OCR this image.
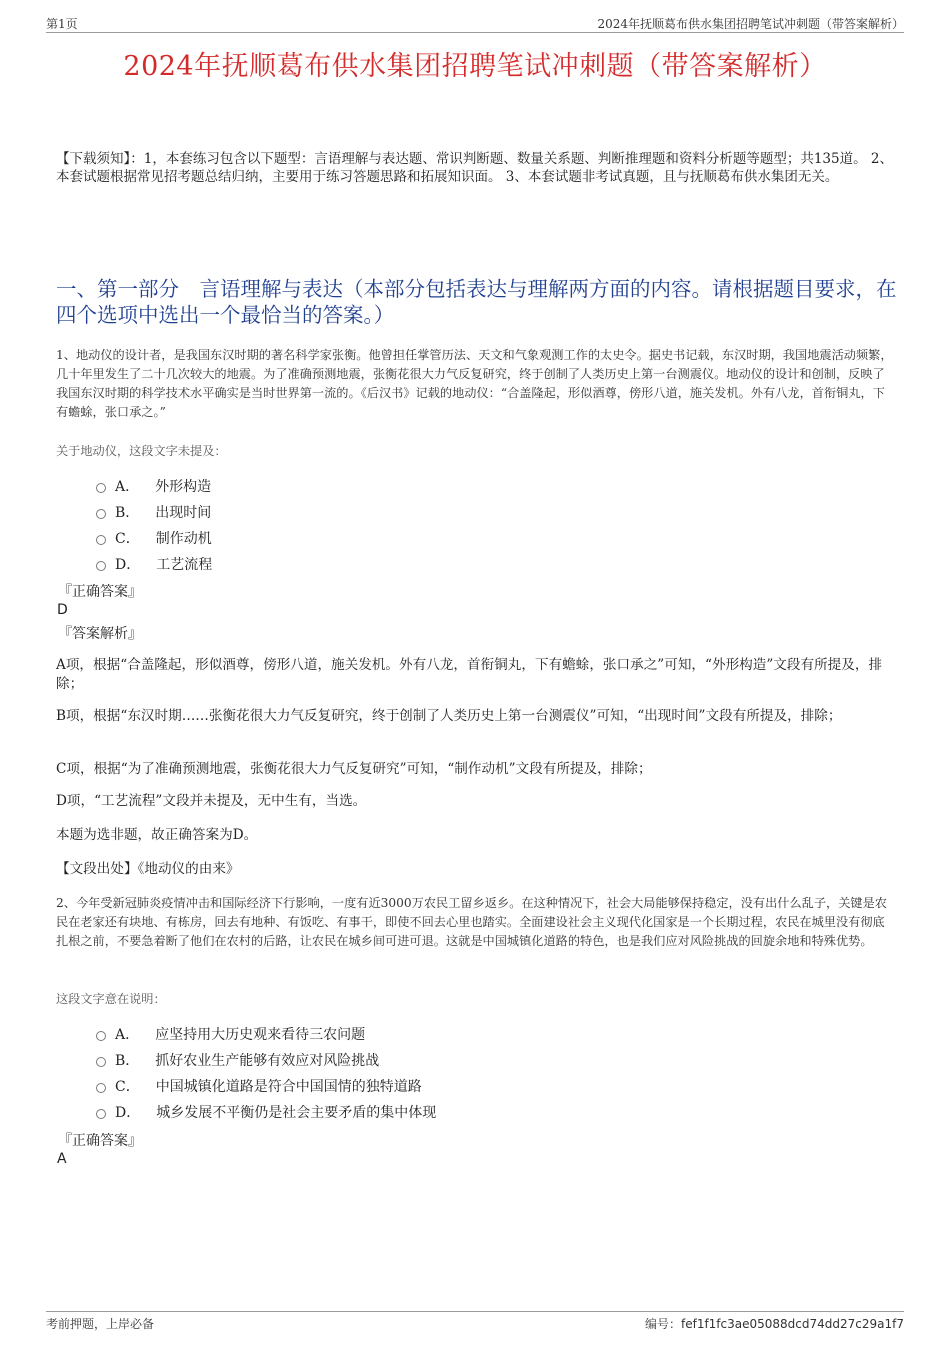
第1页	2024年抚顺葛布供水集团招聘笔试冲刺题（带答案解析）
2024年抚顺葛布供水集团招聘笔试冲刺题（带答案解析）
【下载须知】：1，本套练习包含以下题型：言语理解与表达题、常识判断题、数量关系题、判断推理题和资料分析题等题型；共135道。 2、本套试题根据常见招考题总结归纳，主要用于练习答题思路和拓展知识面。 3、本套试题非考试真题，且与抚顺葛布供水集团无关。
一、第一部分　言语理解与表达（本部分包括表达与理解两方面的内容。请根据题目要求，在四个选项中选出一个最恰当的答案。）
1、地动仪的设计者，是我国东汉时期的著名科学家张衡。他曾担任掌管历法、天文和气象观测工作的太史令。据史书记载，东汉时期，我国地震活动频繁，几十年里发生了二十几次较大的地震。为了准确预测地震，张衡花很大力气反复研究，终于创制了人类历史上第一台测震仪。地动仪的设计和创制，反映了我国东汉时期的科学技术水平确实是当时世界第一流的。《后汉书》记载的地动仪：“合盖隆起，形似酒尊，傍形八道，施关发机。外有八龙，首衔铜丸，下有蟾蜍，张口承之。”
关于地动仪，这段文字未提及：
A． 外形构造
B． 出现时间
C． 制作动机
D． 工艺流程
『正确答案』
D
『答案解析』
A项，根据“合盖隆起，形似酒尊，傍形八道，施关发机。外有八龙，首衔铜丸，下有蟾蜍，张口承之”可知，“外形构造”文段有所提及，排除；
B项，根据“东汉时期……张衡花很大力气反复研究，终于创制了人类历史上第一台测震仪”可知，“出现时间”文段有所提及，排除；
C项，根据“为了准确预测地震，张衡花很大力气反复研究”可知，“制作动机”文段有所提及，排除；
D项，“工艺流程”文段并未提及，无中生有，当选。
本题为选非题，故正确答案为D。
【文段出处】《地动仪的由来》
2、今年受新冠肺炎疫情冲击和国际经济下行影响，一度有近3000万农民工留乡返乡。在这种情况下，社会大局能够保持稳定，没有出什么乱子，关键是农民在老家还有块地、有栋房，回去有地种、有饭吃、有事干，即使不回去心里也踏实。全面建设社会主义现代化国家是一个长期过程，农民在城里没有彻底扎根之前，不要急着断了他们在农村的后路，让农民在城乡间可进可退。这就是中国城镇化道路的特色，也是我们应对风险挑战的回旋余地和特殊优势。
这段文字意在说明：
A． 应坚持用大历史观来看待三农问题
B． 抓好农业生产能够有效应对风险挑战
C． 中国城镇化道路是符合中国国情的独特道路
D． 城乡发展不平衡仍是社会主要矛盾的集中体现
『正确答案』
A
考前押题，上岸必备	编号：fef1f1fc3ae05088dcd74dd27c29a1f7
